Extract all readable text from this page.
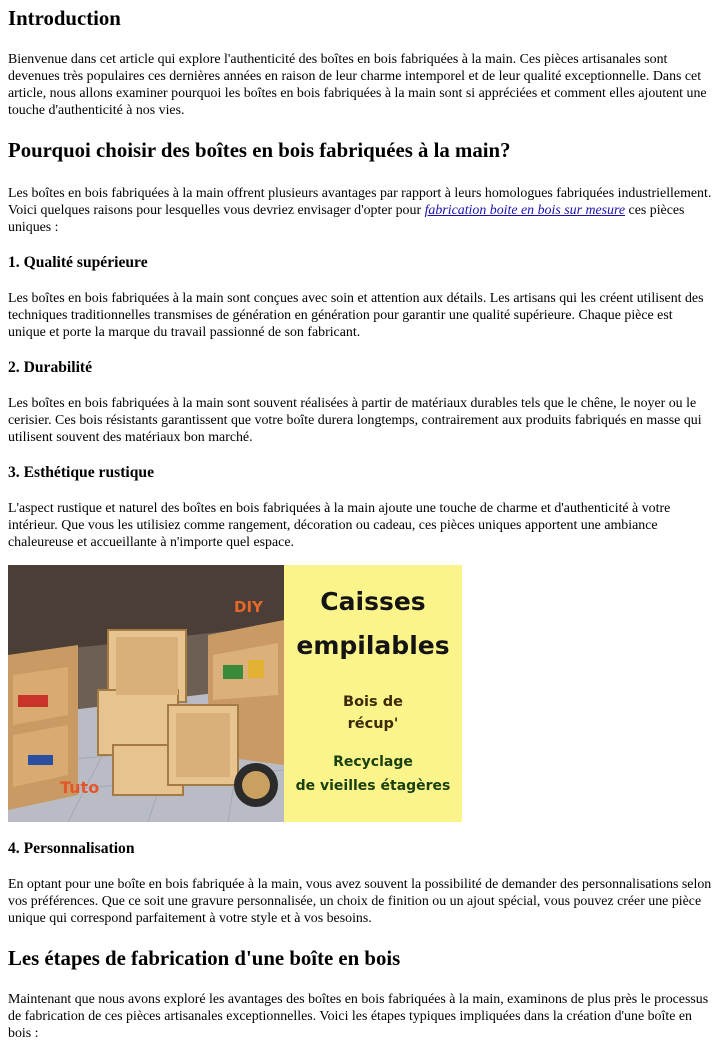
Introduction

Bienvenue dans cet article qui explore l'authenticité des boîtes en bois fabriquées à la main. Ces pièces artisanales sont devenues très populaires ces dernières années en raison de leur charme intemporel et de leur qualité exceptionnelle. Dans cet article, nous allons examiner pourquoi les boîtes en bois fabriquées à la main sont si appréciées et comment elles ajoutent une touche d'authenticité à nos vies.

Pourquoi choisir des boîtes en bois fabriquées à la main?

Les boîtes en bois fabriquées à la main offrent plusieurs avantages par rapport à leurs homologues fabriquées industriellement. Voici quelques raisons pour lesquelles vous devriez envisager d'opter pour fabrication boite en bois sur mesure ces pièces uniques :

1. Qualité supérieure

Les boîtes en bois fabriquées à la main sont conçues avec soin et attention aux détails. Les artisans qui les créent utilisent des techniques traditionnelles transmises de génération en génération pour garantir une qualité supérieure. Chaque pièce est unique et porte la marque du travail passionné de son fabricant.

2. Durabilité

Les boîtes en bois fabriquées à la main sont souvent réalisées à partir de matériaux durables tels que le chêne, le noyer ou le cerisier. Ces bois résistants garantissent que votre boîte durera longtemps, contrairement aux produits fabriqués en masse qui utilisent souvent des matériaux bon marché.

3. Esthétique rustique

L'aspect rustique et naturel des boîtes en bois fabriquées à la main ajoute une touche de charme et d'authenticité à votre intérieur. Que vous les utilisiez comme rangement, décoration ou cadeau, ces pièces uniques apportent une ambiance chaleureuse et accueillante à n'importe quel espace.

DIY
Tuto

Caisses

empilables

Bois de

récup'

Recyclage

de vieilles étagères

4. Personnalisation

En optant pour une boîte en bois fabriquée à la main, vous avez souvent la possibilité de demander des personnalisations selon vos préférences. Que ce soit une gravure personnalisée, un choix de finition ou un ajout spécial, vous pouvez créer une pièce unique qui correspond parfaitement à votre style et à vos besoins.

Les étapes de fabrication d'une boîte en bois

Maintenant que nous avons exploré les avantages des boîtes en bois fabriquées à la main, examinons de plus près le processus de fabrication de ces pièces artisanales exceptionnelles. Voici les étapes typiques impliquées dans la création d'une boîte en bois :
